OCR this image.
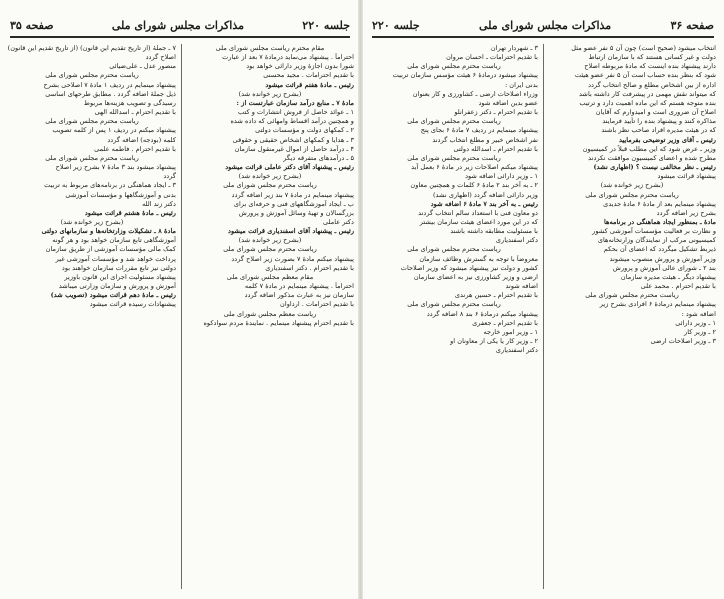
جلسه ۲۲۰
مذاکرات مجلس شورای ملی
صفحه ۳۵
مقام محترم ریاست مجلس شورای ملی
احتراماً . پیشنهاد می‌نماید درمادهٔ ۷ بعد از عبارت
شورا بدون اجازهٔ وزیر دارائی خواهد بود
با تقدیم احترامات . مجید محسنی
رئیس ـ مادهٔ هفتم قرائت میشود
(بشرح زیر خوانده شد)
مادهٔ ۷ ـ منابع درآمد سازمان عبارتست از :
۱ ـ عوائد حاصل از فروش انتشارات و کتب
و همچنین درآمد اقساط وامهائی که داده شده
۲ ـ کمکهای دولت و مؤسسات دولتی
۳ ـ هدایا و کمکهای اشخاص حقیقی و حقوقی
۴ ـ درآمد حاصل از اموال غیرمنقول سازمان
۵ ـ درآمدهای متفرقه دیگر
رئیس ـ پیشنهاد آقای دکتر عاملی قرائت میشود
(بشرح زیر خوانده شد)
ریاست محترم مجلس شورای ملی
پیشنهاد مینمایم در مادهٔ ۷ بند زیر اضافه گردد
ب ـ ایجاد آموزشگاههای فنی و حرفه‌ای برای
بزرگسالان و تهیهٔ وسائل آموزش و پرورش
دکتر عاملی
رئیس ـ پیشنهاد آقای اسفندیاری قرائت میشود
(بشرح زیر خوانده شد)
ریاست محترم مجلس شورای ملی
پیشنهاد میکنم مادهٔ ۷ بصورت زیر اصلاح گردد
با تقدیم احترام . دکتر اسفندیاری
مقام معظم مجلس شورای ملی
احتراماً . پیشنهاد مینمایم در مادهٔ ۷ کلمه
سازمان نیز به عبارت مذکور اضافه گردد
با تقدیم احترامات . ارداوان
ریاست معظم مجلس شورای ملی
با تقدیم احترام پیشنهاد مینمایم . نمایندهٔ مردم سوادکوه
۷ ـ جملهٔ (از تاریخ تقدیم این قانون) (از تاریخ تقدیم این قانون)
اصلاح گردد
منصور عدل ـ علی‌ضیائی
ریاست محترم مجلس شورای ملی
پیشنهاد مینمایم در ردیف ۱ مادهٔ ۷ اصلاحی بشرح
ذیل جملهٔ اضافه گردد . مطابق طرحهای اساسی
رسیدگی و تصویب هزینه‌ها مربوط
با تقدیم احترام ـ اسدالله الهی
ریاست محترم مجلس شورای ملی
پیشنهاد میکنم در ردیف ۱ پس از کلمه تصویب
کلمه (بودجه) اضافه گردد
با تقدیم احترام . فاطمه علمی
ریاست محترم مجلس شورای ملی
پیشنهاد میشود بند ۳ مادهٔ ۷ بشرح زیر اصلاح
گردد
۳ ـ ایجاد هماهنگی در برنامه‌های مربوط به تربیت
بدنی و آموزشگاهها و مؤسسات آموزشی
دکتر زند الله
رئیس ـ مادهٔ هشتم قرائت میشود
(بشرح زیر خوانده شد)
مادهٔ ۸ ـ تشکیلات وزارتخانه‌ها و سازمانهای دولتی
آموزشگاهی تابع سازمان خواهد بود و هر گونه
کمک مالی مؤسسات آموزشی از طریق سازمان
پرداخت خواهد شد و مؤسسات آموزشی غیر
دولتی نیز تابع مقررات سازمان خواهند بود
پیشنهاد مسئولیت اجرای این قانون باوزیر
آموزش و پرورش و سازمان وزارتی میباشد
رئیس ـ مادهٔ دهم قرائت میشود (تصویب شد)
پیشنهادات رسیده قرائت میشود
صفحه ۳۶
مذاکرات مجلس شورای ملی
جلسه ۲۲۰
انتخاب میشود (صحیح است) چون آن ۵ نفر عضو مثل
دولت و غیر کسانی هستند که با سازمان ارتباط
دارند پیشنهاد بنده اینست که مادهٔ مربوطه اصلاح
شود که بنظر بنده حساب است آن ۵ نفر عضو هیئت
اداره از بین اشخاص مطلع و صالح انتخاب گردد
که میتواند نقش مهمی در پیشرفت کار داشته باشد
بنده متوجه هستم که این ماده اهمیت دارد و ترتیب
اصلاح آن ضروری است و امیدوارم که آقایان
مذاکره کنند و پیشنهاد بنده را تأیید فرمایند
که در هیئت مدیره افراد صاحب نظر باشند
رئیس ـ آقای وزیر توضیحی بفرمایید
وزیر ـ عرض شود که این مطلب قبلاً در کمیسیون
مطرح شده و اعضای کمیسیون موافقت نکردند
رئیس ـ نظر مخالفی نیست ؟ (اظهاری نشد)
پیشنهاد قرائت میشود
(بشرح زیر خوانده شد)
ریاست محترم مجلس شورای ملی
پیشنهاد مینمایم بعد از مادهٔ ۶ مادهٔ جدیدی
بشرح زیر اضافه گردد
مادهٔ ـ بمنظور ایجاد هماهنگی در برنامه‌ها
و نظارت بر فعالیت مؤسسات آموزشی کشور
کمیسیونی مرکب از نمایندگان وزارتخانه‌های
ذیربط تشکیل میگردد که اعضای آن بحکم
وزیر آموزش و پرورش منصوب میشوند
بند ۲ ـ شورای عالی آموزش و پرورش
پیشنهاد دیگر ـ هیئت مدیره سازمان
با تقدیم احترام . محمد علی
ریاست محترم مجلس شورای ملی
پیشنهاد مینمایم درمادهٔ ۶ افرادی بشرح زیر
اضافه شود :
۱ ـ وزیر دارائی
۲ ـ وزیر کار
۳ ـ وزیر اصلاحات ارضی
۳ ـ شهردار تهران
با تقدیم احترامات ـ احسان مروان
ریاست محترم مجلس شورای ملی
پیشنهاد میشود درمادهٔ ۶ هیئت مؤسس سازمان تربیت
بدنی ایران :
وزراء اصلاحات ارضی ـ کشاورزی و کار بعنوان
عضو بدین اضافه شود
با تقدیم احترام ـ دکتر زعفرانلو
ریاست محترم مجلس شورای ملی
پیشنهاد مینمایم در ردیف ۷ مادهٔ ۶ بجای پنج
نفر اشخاص خبیر و مطلع انتخاب گردند
با تقدیم احترام ـ اسدالله دولتی
ریاست محترم مجلس شورای ملی
پیشنهاد میکنم اصلاحات زیر در مادهٔ ۶ بعمل آید
۱ ـ وزیر دارائی اضافه شود
۲ ـ به آخر بند ۲ مادهٔ ۶ کلمات و همچنین معاون
وزیر دارائی اضافه گردد (اظهاری نشد)
رئیس ـ به آخر بند ۷ مادهٔ ۶ اضافه شود
دو معاون فنی با استعداد سالم انتخاب گردند
که در این مورد اعضای هیئت سازمان بیشتر
با مسئولیت مطابقه داشته باشند
دکتر اسفندیاری
ریاست محترم مجلس شورای ملی
معروضاً با توجه به گسترش وظائف سازمان
کشور و دولت نیز پیشنهاد میشود که وزیر اصلاحات
ارضی و وزیر کشاورزی نیز به اعضای سازمان
اضافه شوند
با تقدیم احترام ـ حسین هرندی
ریاست محترم مجلس شورای ملی
پیشنهاد میکنم درمادهٔ ۶ بند ۸ اضافه گردد
با تقدیم احترام ـ جعفری
۱ ـ وزیر امور خارجه
۲ ـ وزیر کار یا یکی از معاونان او
دکتر اسفندیاری
